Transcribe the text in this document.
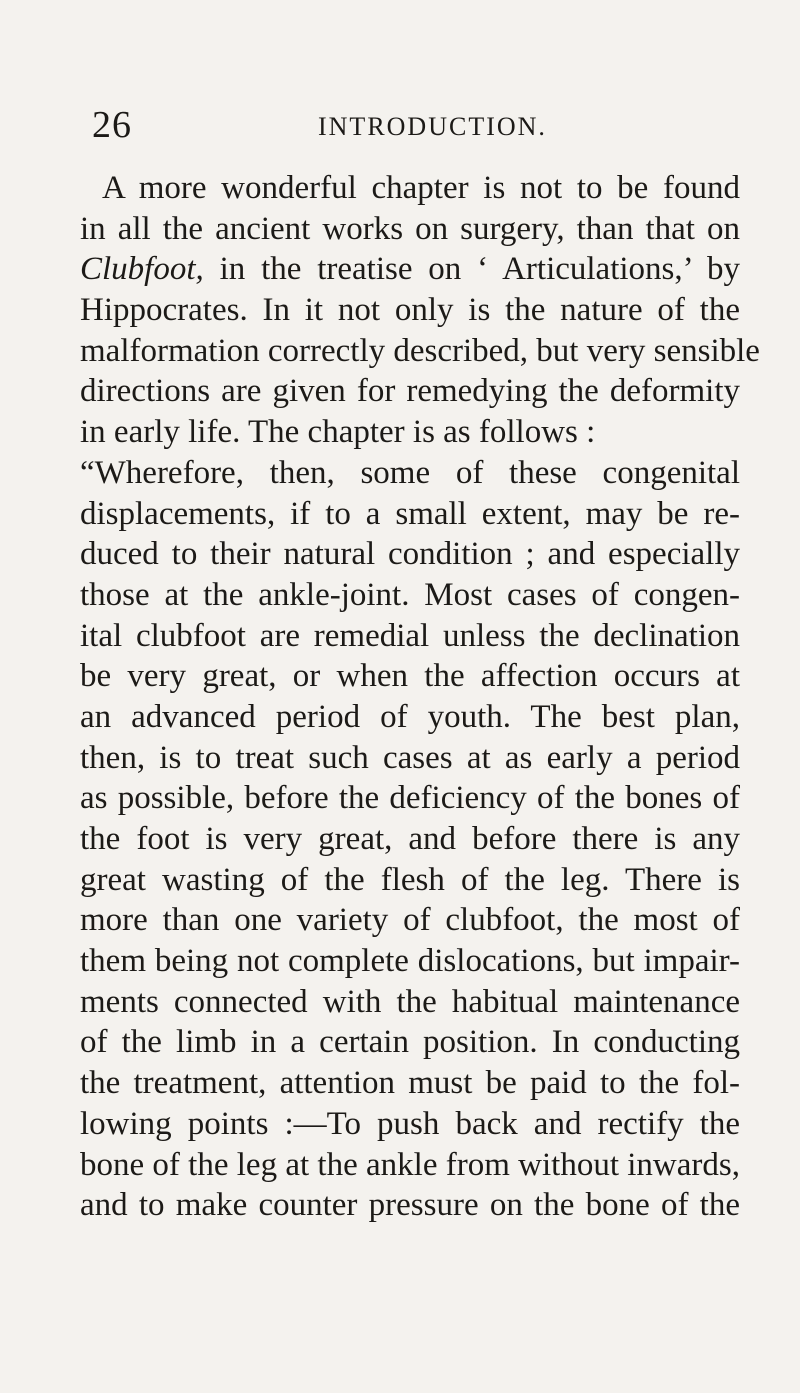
26	INTRODUCTION.
A more wonderful chapter is not to be found
in all the ancient works on surgery, than that on
Clubfoot, in the treatise on ‘ Articulations,’ by
Hippocrates. In it not only is the nature of the
malformation correctly described, but very sensible
directions are given for remedying the deformity
in early life. The chapter is as follows :
“Wherefore, then, some of these congenital
displacements, if to a small extent, may be re-
duced to their natural condition ; and especially
those at the ankle-joint. Most cases of congen-
ital clubfoot are remedial unless the declination
be very great, or when the affection occurs at
an advanced period of youth. The best plan,
then, is to treat such cases at as early a period
as possible, before the deficiency of the bones of
the foot is very great, and before there is any
great wasting of the flesh of the leg. There is
more than one variety of clubfoot, the most of
them being not complete dislocations, but impair-
ments connected with the habitual maintenance
of the limb in a certain position. In conducting
the treatment, attention must be paid to the fol-
lowing points :—To push back and rectify the
bone of the leg at the ankle from without inwards,
and to make counter pressure on the bone of the
